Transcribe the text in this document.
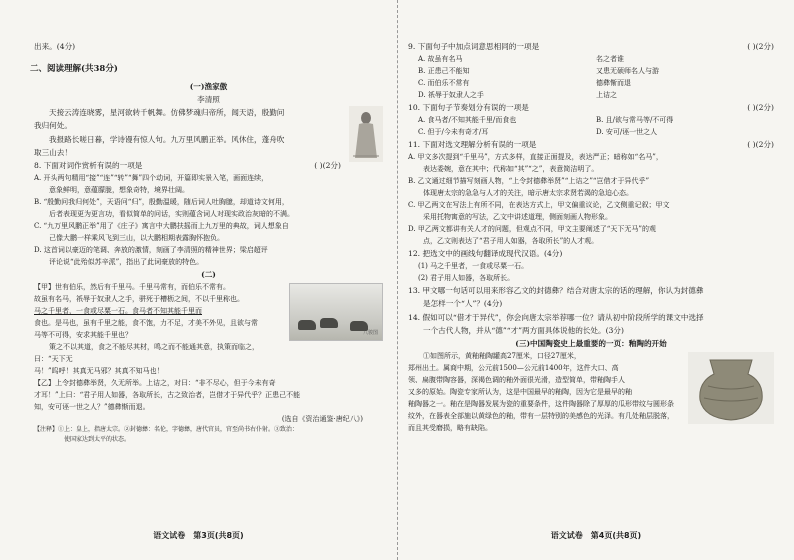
出来。(4分)

二、阅读理解(共38分)

(一)渔家傲

李清照

天接云涛连晓雾，星河欲转千帆舞。仿佛梦魂归帝所，闻天语，殷勤问

我归何处。

我报路长嗟日暮，学诗谩有惊人句。九万里风鹏正举。风休住，蓬舟吹

取三山去！

8. 下面对词作赏析有误的一项是	( )(2分)

A. 开头两句精用“接”“连”“转”“舞”四个动词，开篇即实景入笔，画面连续，

意象鲜明，意蕴朦胧，想象奇特，境界壮阔。

B. “殷勤问我归何处”，天语问“归”，殷勤温暖，随后词人吐胸臆，却道诗文何用，

后者表现更为更言功，看似简单的问话，实则蕴含词人对现实政治灰暗的不满。

C. “九万里风鹏正举”用了《庄子》寓言中大鹏扶摇而上九万里的典故，词人想象自

己像大鹏一样乘风飞到三山，以大鹏相期表露胸怀抱负。

D. 这首词以豪迈的笔调、奔放的激情，刻画了李清照的精神世界；梁启超评

评论说“此殆似苏辛派”，指出了此词豪放的特色。

(二)

八骏图

【甲】世有伯乐，然后有千里马。千里马常有，而伯乐不常有。

故虽有名马，祇辱于奴隶人之手，骈死于槽枥之间，不以千里称也。

马之千里者，一食或尽粟一石。食马者不知其能千里而

食也。是马也，虽有千里之能，食不饱，力不足，才美不外见，且欲与常

马等不可得，安求其能千里也？

策之不以其道，食之不能尽其材，鸣之而不能通其意，执策而临之，曰：“天下无

马！”呜呼！其真无马邪？其真不知马也！

【乙】上令封德彝举贤，久无所举。上诘之，对曰：“非不尽心，但于今未有奇

才耳！”上曰：“君子用人如器，各取所长，古之致治者，岂借才于异代乎？正患己不能

知，安可诬一世之人？”德彝惭而退。

(选自《资治通鉴·唐纪八》)

【注释】①上：皇上，指唐太宗。②封德彝：名伦，字德彝，唐代官员，官至尚书右仆射。③致治：

使国家达到太平的状态。

语文试卷　第3页(共8页)

9. 下面句子中加点词意思相同的一项是	( )(2分)

A. 故虽有名马	名之者谁
B. 正患己不能知	又患无硕师名人与游
C. 而伯乐不常有	德彝惭而退
D. 祇辱于奴隶人之手	上诘之

10. 下面句子节奏划分有误的一项是	( )(2分)

A. 食马者/不知其能千里/而食也	B. 且/欲与常马等/不可得
C. 但于/今未有奇才/耳	D. 安可/诬一世之人

11. 下面对选文理解分析有误的一项是	( )(2分)

A. 甲文多次提到“千里马”，方式多样，直接正面提及，表达严正；暗称如“名马”，

表达委婉，意在其中；代称如“其”“之”，表意简洁明了。

B. 乙文通过细节描写刻画人物，“上令封德彝举贤”“上诘之”“岂借才于异代乎”

体现唐太宗的急急与人才的关注，暗示唐太宗求贤若渴的急迫心态。

C. 甲乙两文在写法上有所不同，在表达方式上，甲文偏重议论，乙文侧重记叙；甲文

采用托物寓意的写法，乙文中讲述道理，侧面刻画人物形象。

D. 甲乙两文都讲有关人才的问题，但观点不同，甲文主要阐述了“天下无马”的观

点，乙文则表达了“君子用人如器，各取所长”的人才观。

12. 把选文中的画线句翻译成现代汉语。(4分)

(1) 马之千里者，一食或尽粟一石。

(2) 君子用人如器，各取所长。

13. 甲文哪一句话可以用来形容乙文的封德彝？结合对唐太宗的话的理解，你认为封德彝

是怎样一个“人”？(4分)

14. 假如可以“借才于异代”，你会向唐太宗举荐哪一位？请从初中阶段所学的课文中选择

一个古代人物，并从“德”“才”两方面具体说他的长处。(3分)

(三)中国陶瓷史上最重要的一页：釉陶的开始

①如图所示，黄釉釉陶罐高27厘米，口径27厘米，

郑州出土。属商中期，公元前1500—公元前1400年，这件大口、高

领、扁腹带陶容器，深褐色调的釉外面很光滑，造型简单，带釉陶手人

又多的原始。陶瓷专家所认为，这是中国最早的釉陶，因为它是最早的釉

釉陶器之一。釉在是陶器发展为瓷的重要条件，这件陶器除了厚厚的瓜形带纹与圆形条

纹外，在器表全部施以黄绿色的釉，带有一层特别的美感色的光泽。有几处釉层脱落，

而且其受磨损，略有缺陷。

语文试卷　第4页(共8页)
